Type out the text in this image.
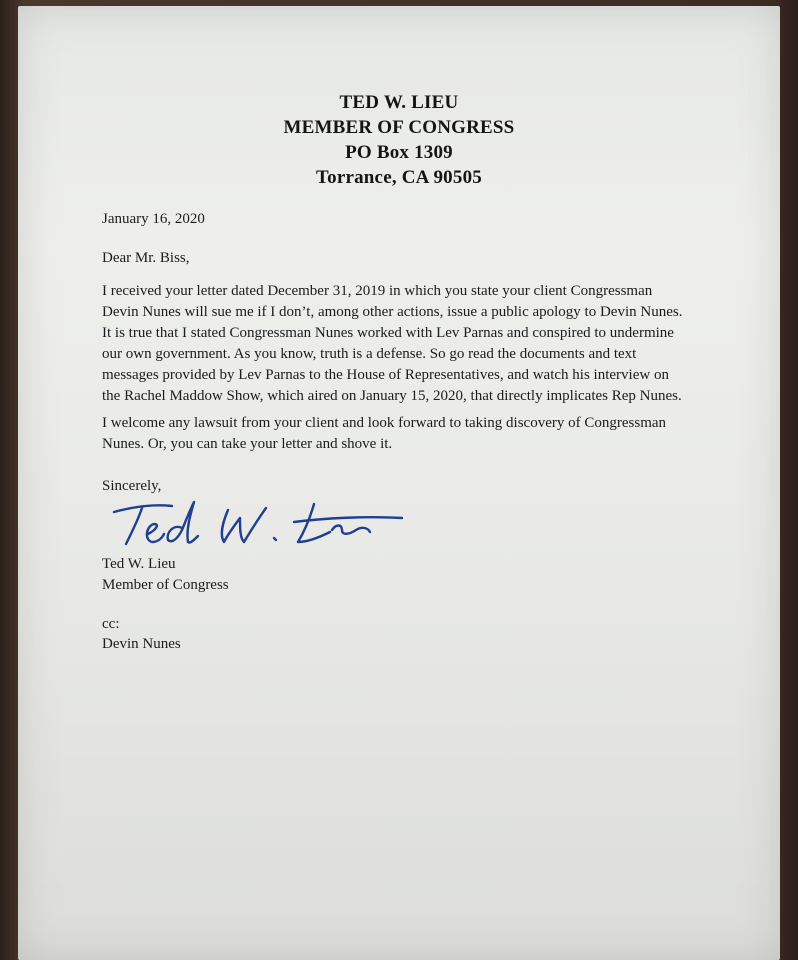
TED W. LIEU
MEMBER OF CONGRESS
PO Box 1309
Torrance, CA 90505
January 16, 2020
Dear Mr. Biss,
I received your letter dated December 31, 2019 in which you state your client Congressman
Devin Nunes will sue me if I don’t, among other actions, issue a public apology to Devin Nunes.
It is true that I stated Congressman Nunes worked with Lev Parnas and conspired to undermine
our own government. As you know, truth is a defense. So go read the documents and text
messages provided by Lev Parnas to the House of Representatives, and watch his interview on
the Rachel Maddow Show, which aired on January 15, 2020, that directly implicates Rep Nunes.
I welcome any lawsuit from your client and look forward to taking discovery of Congressman
Nunes. Or, you can take your letter and shove it.
Sincerely,
Ted W. Lieu
Member of Congress
cc:
Devin Nunes
